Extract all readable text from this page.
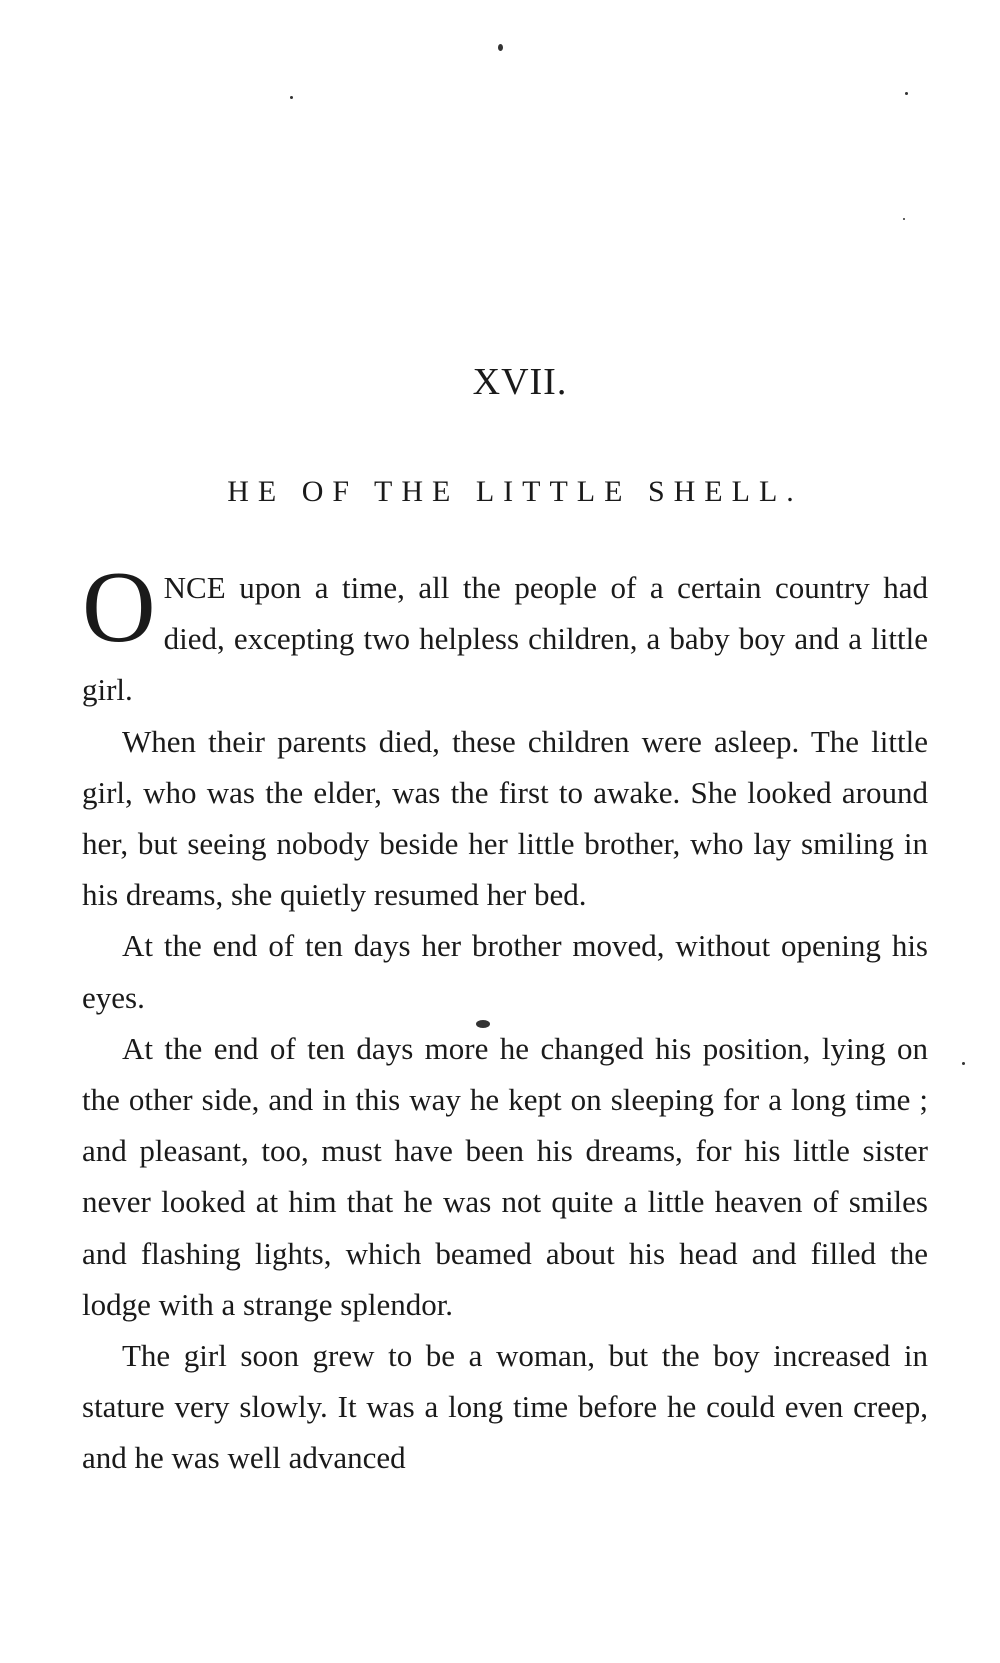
XVII.
HE OF THE LITTLE SHELL.

ONCE upon a time, all the people of a certain country had died, excepting two helpless children, a baby boy and a little girl.

When their parents died, these children were asleep. The little girl, who was the elder, was the first to awake. She looked around her, but seeing nobody beside her little brother, who lay smiling in his dreams, she quietly resumed her bed.

At the end of ten days her brother moved, without opening his eyes.

At the end of ten days more he changed his position, lying on the other side, and in this way he kept on sleeping for a long time ; and pleasant, too, must have been his dreams, for his little sister never looked at him that he was not quite a little heaven of smiles and flashing lights, which beamed about his head and filled the lodge with a strange splendor.

The girl soon grew to be a woman, but the boy increased in stature very slowly. It was a long time before he could even creep, and he was well advanced
